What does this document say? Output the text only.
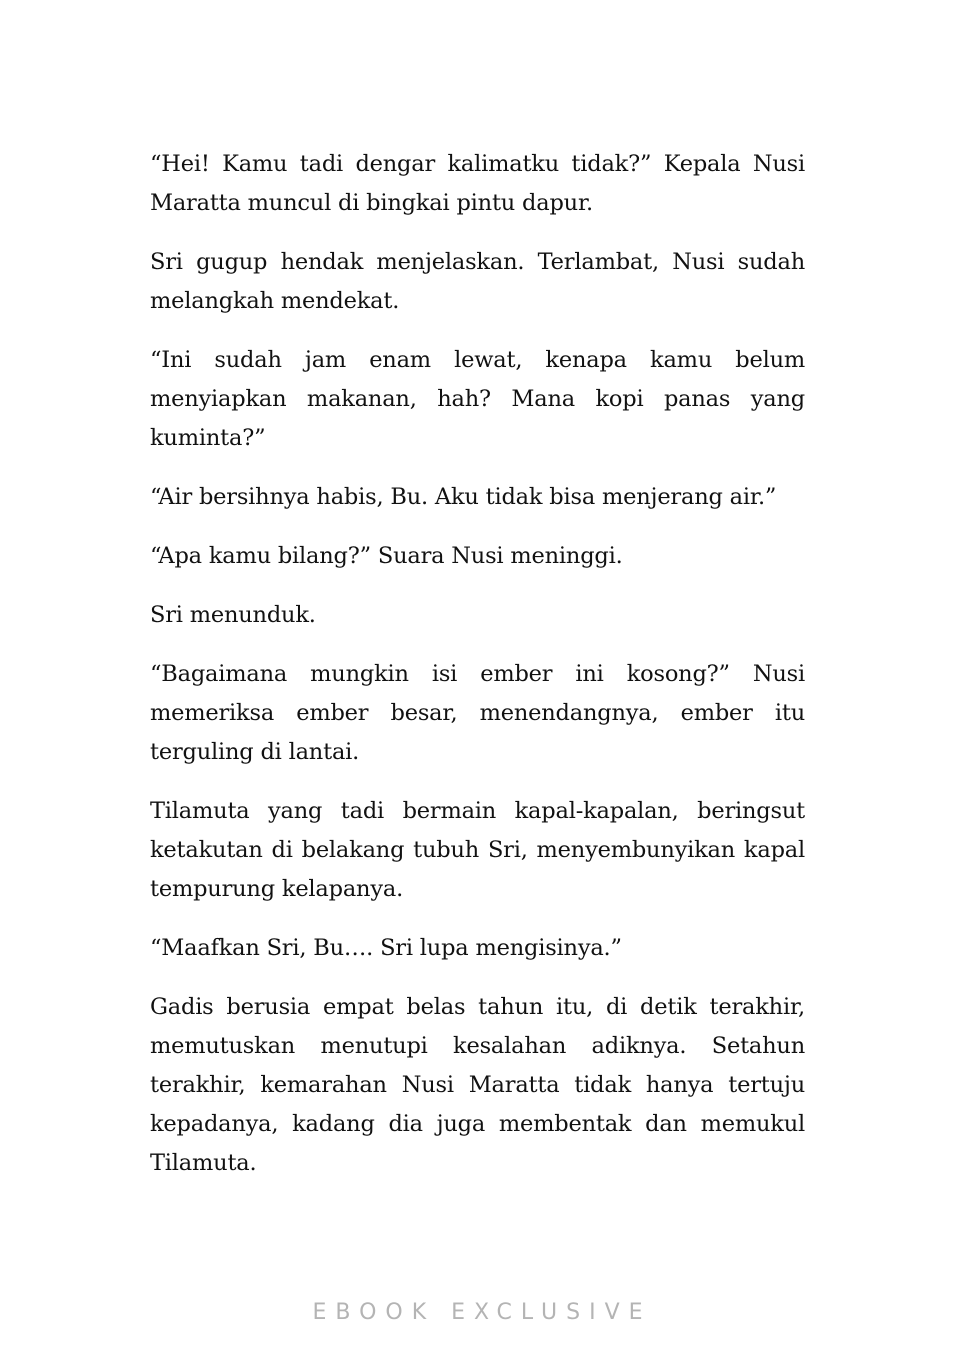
“Hei! Kamu tadi dengar kalimatku tidak?” Kepala Nusi Maratta muncul di bingkai pintu dapur.

Sri gugup hendak menjelaskan. Terlambat, Nusi sudah melangkah mendekat.

“Ini sudah jam enam lewat, kenapa kamu belum menyiapkan makanan, hah? Mana kopi panas yang kuminta?”

“Air bersihnya habis, Bu. Aku tidak bisa menjerang air.”

“Apa kamu bilang?” Suara Nusi meninggi.

Sri menunduk.

“Bagaimana mungkin isi ember ini kosong?” Nusi memeriksa ember besar, menendangnya, ember itu terguling di lantai.

Tilamuta yang tadi bermain kapal-kapalan, beringsut ketakutan di belakang tubuh Sri, menyembunyikan kapal tempurung kelapanya.

“Maafkan Sri, Bu…. Sri lupa mengisinya.”

Gadis berusia empat belas tahun itu, di detik terakhir, memutuskan menutupi kesalahan adiknya. Setahun terakhir, kemarahan Nusi Maratta tidak hanya tertuju kepadanya, kadang dia juga membentak dan memukul Tilamuta.

EBOOK EXCLUSIVE
